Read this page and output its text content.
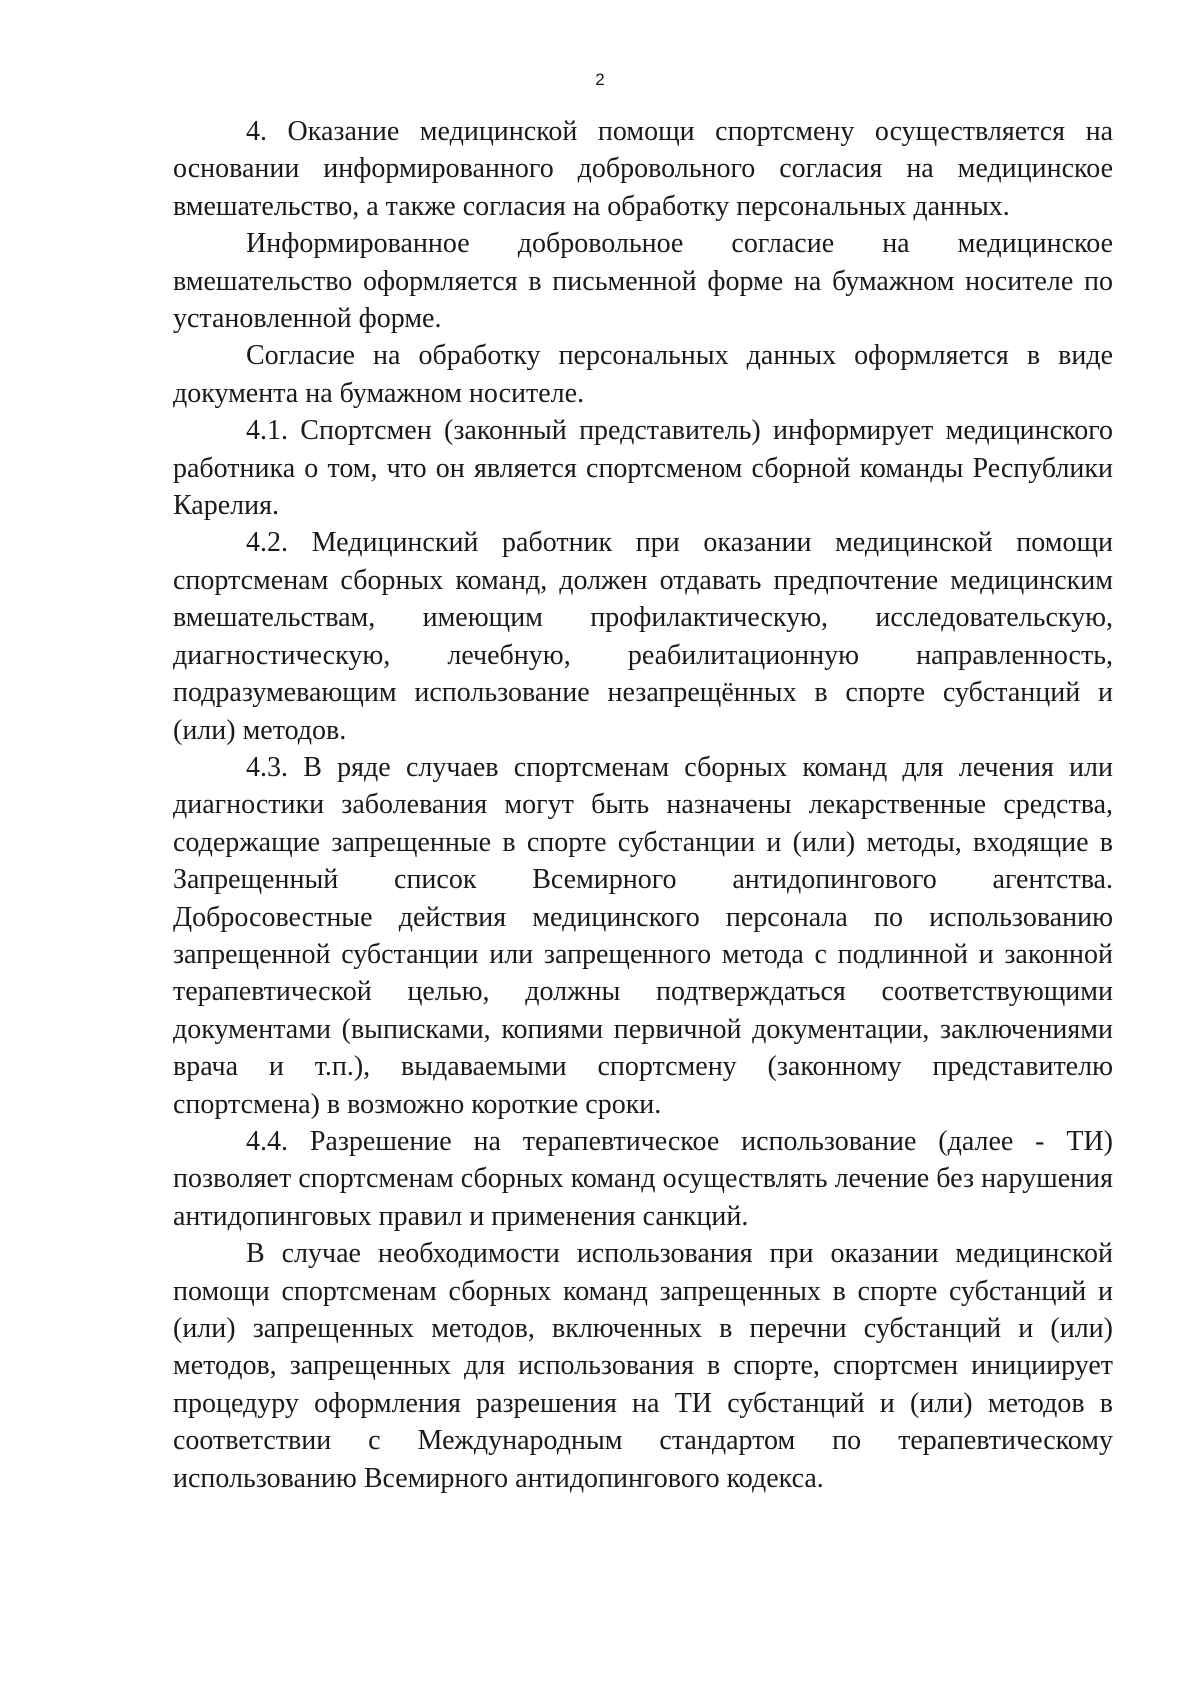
2

4. Оказание медицинской помощи спортсмену осуществляется на основании информированного добровольного согласия на медицинское вмешательство, а также согласия на обработку персональных данных.

Информированное добровольное согласие на медицинское вмешательство оформляется в письменной форме на бумажном носителе по установленной форме.

Согласие на обработку персональных данных оформляется в виде документа на бумажном носителе.

4.1. Спортсмен (законный представитель) информирует медицинского работника о том, что он является спортсменом сборной команды Республики Карелия.

4.2. Медицинский работник при оказании медицинской помощи спортсменам сборных команд, должен отдавать предпочтение медицинским вмешательствам, имеющим профилактическую, исследовательскую, диагностическую, лечебную, реабилитационную направленность, подразумевающим использование незапрещённых в спорте субстанций и (или) методов.

4.3. В ряде случаев спортсменам сборных команд для лечения или диагностики заболевания могут быть назначены лекарственные средства, содержащие запрещенные в спорте субстанции и (или) методы, входящие в Запрещенный список Всемирного антидопингового агентства. Добросовестные действия медицинского персонала по использованию запрещенной субстанции или запрещенного метода с подлинной и законной терапевтической целью, должны подтверждаться соответствующими документами (выписками, копиями первичной документации, заключениями врача и т.п.), выдаваемыми спортсмену (законному представителю спортсмена) в возможно короткие сроки.

4.4. Разрешение на терапевтическое использование (далее - ТИ) позволяет спортсменам сборных команд осуществлять лечение без нарушения антидопинговых правил и применения санкций.

В случае необходимости использования при оказании медицинской помощи спортсменам сборных команд запрещенных в спорте субстанций и (или) запрещенных методов, включенных в перечни субстанций и (или) методов, запрещенных для использования в спорте, спортсмен инициирует процедуру оформления разрешения на ТИ субстанций и (или) методов в соответствии с Международным стандартом по терапевтическому использованию Всемирного антидопингового кодекса.
